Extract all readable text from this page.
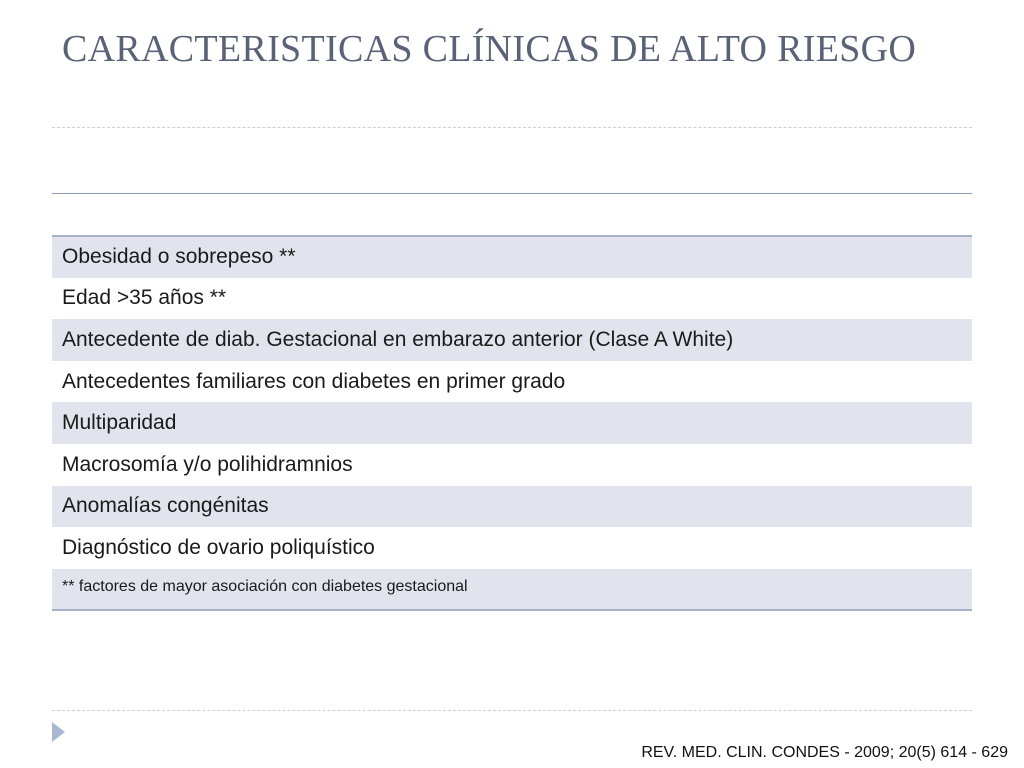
CARACTERISTICAS CLÍNICAS DE ALTO RIESGO
Obesidad o sobrepeso **
Edad >35 años **
Antecedente de diab. Gestacional en embarazo anterior (Clase A White)
Antecedentes familiares con diabetes en primer grado
Multiparidad
Macrosomía y/o polihidramnios
Anomalías congénitas
Diagnóstico de ovario poliquístico
** factores de mayor asociación con diabetes gestacional
REV. MED. CLIN. CONDES - 2009; 20(5) 614 - 629
